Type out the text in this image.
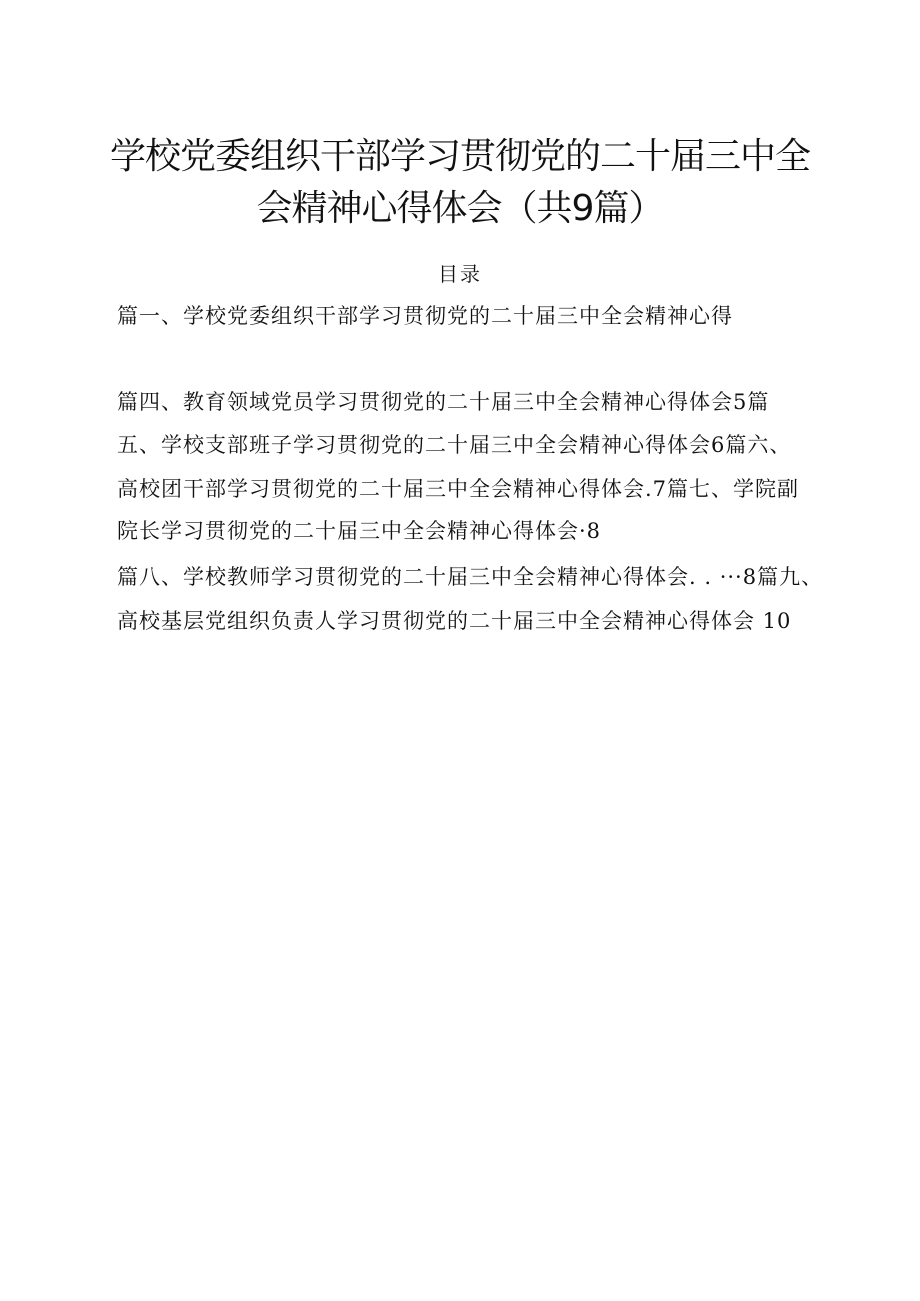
学校党委组织干部学习贯彻党的二十届三中全
会精神心得体会（共9篇）
目录
篇一、学校党委组织干部学习贯彻党的二十届三中全会精神心得
篇四、教育领域党员学习贯彻党的二十届三中全会精神心得体会5篇
五、学校支部班子学习贯彻党的二十届三中全会精神心得体会6篇六、
高校团干部学习贯彻党的二十届三中全会精神心得体会.7篇七、学院副
院长学习贯彻党的二十届三中全会精神心得体会·8
篇八、学校教师学习贯彻党的二十届三中全会精神心得体会. . ···8篇九、
高校基层党组织负责人学习贯彻党的二十届三中全会精神心得体会 10
